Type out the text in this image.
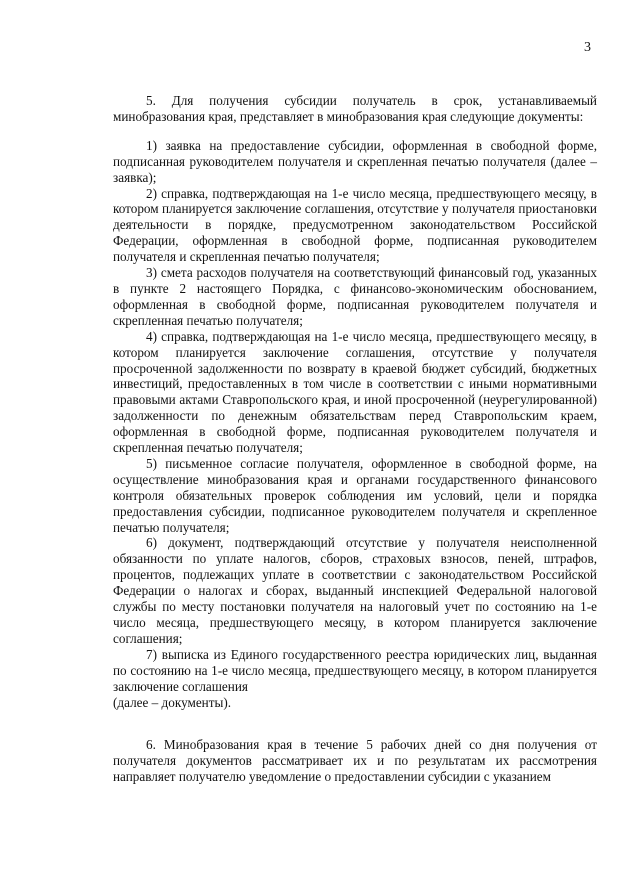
3

5. Для получения субсидии получатель в срок, устанавливаемый минобразования края, представляет в минобразования края следующие документы:

1) заявка на предоставление субсидии, оформленная в свободной форме, подписанная руководителем получателя и скрепленная печатью получателя (далее – заявка);

2) справка, подтверждающая на 1-е число месяца, предшествующего месяцу, в котором планируется заключение соглашения, отсутствие у получателя приостановки деятельности в порядке, предусмотренном законодательством Российской Федерации, оформленная в свободной форме, подписанная руководителем получателя и скрепленная печатью получателя;

3) смета расходов получателя на соответствующий финансовый год, указанных в пункте 2 настоящего Порядка, с финансово-экономическим обоснованием, оформленная в свободной форме, подписанная руководителем получателя и скрепленная печатью получателя;

4) справка, подтверждающая на 1-е число месяца, предшествующего месяцу, в котором планируется заключение соглашения, отсутствие у получателя просроченной задолженности по возврату в краевой бюджет субсидий, бюджетных инвестиций, предоставленных в том числе в соответствии с иными нормативными правовыми актами Ставропольского края, и иной просроченной (неурегулированной) задолженности по денежным обязательствам перед Ставропольским краем, оформленная в свободной форме, подписанная руководителем получателя и скрепленная печатью получателя;

5) письменное согласие получателя, оформленное в свободной форме, на осуществление минобразования края и органами государственного финансового контроля обязательных проверок соблюдения им условий, цели и порядка предоставления субсидии, подписанное руководителем получателя и скрепленное печатью получателя;

6) документ, подтверждающий отсутствие у получателя неисполненной обязанности по уплате налогов, сборов, страховых взносов, пеней, штрафов, процентов, подлежащих уплате в соответствии с законодательством Российской Федерации о налогах и сборах, выданный инспекцией Федеральной налоговой службы по месту постановки получателя на налоговый учет по состоянию на 1-е число месяца, предшествующего месяцу, в котором планируется заключение соглашения;

7) выписка из Единого государственного реестра юридических лиц, выданная по состоянию на 1-е число месяца, предшествующего месяцу, в котором планируется заключение соглашения

(далее – документы).

6. Минобразования края в течение 5 рабочих дней со дня получения от получателя документов рассматривает их и по результатам их рассмотрения направляет получателю уведомление о предоставлении субсидии с указанием
